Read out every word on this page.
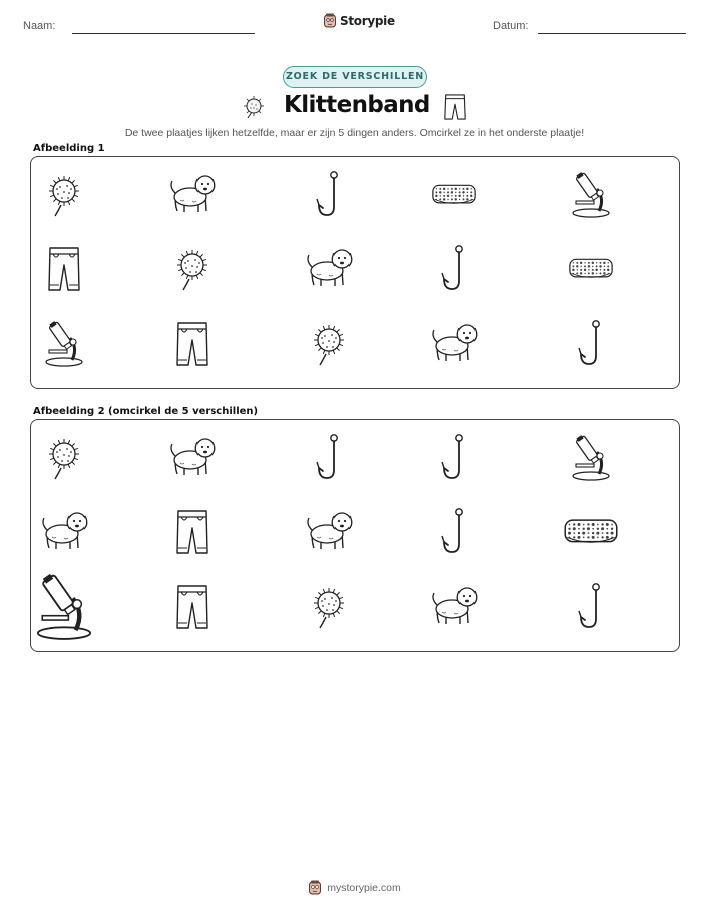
Naam:	Storypie	Datum:
ZOEK DE VERSCHILLEN
Klittenband
De twee plaatjes lijken hetzelfde, maar er zijn 5 dingen anders. Omcirkel ze in het onderste plaatje!
Afbeelding 1
Afbeelding 2 (omcirkel de 5 verschillen)
mystorypie.com
